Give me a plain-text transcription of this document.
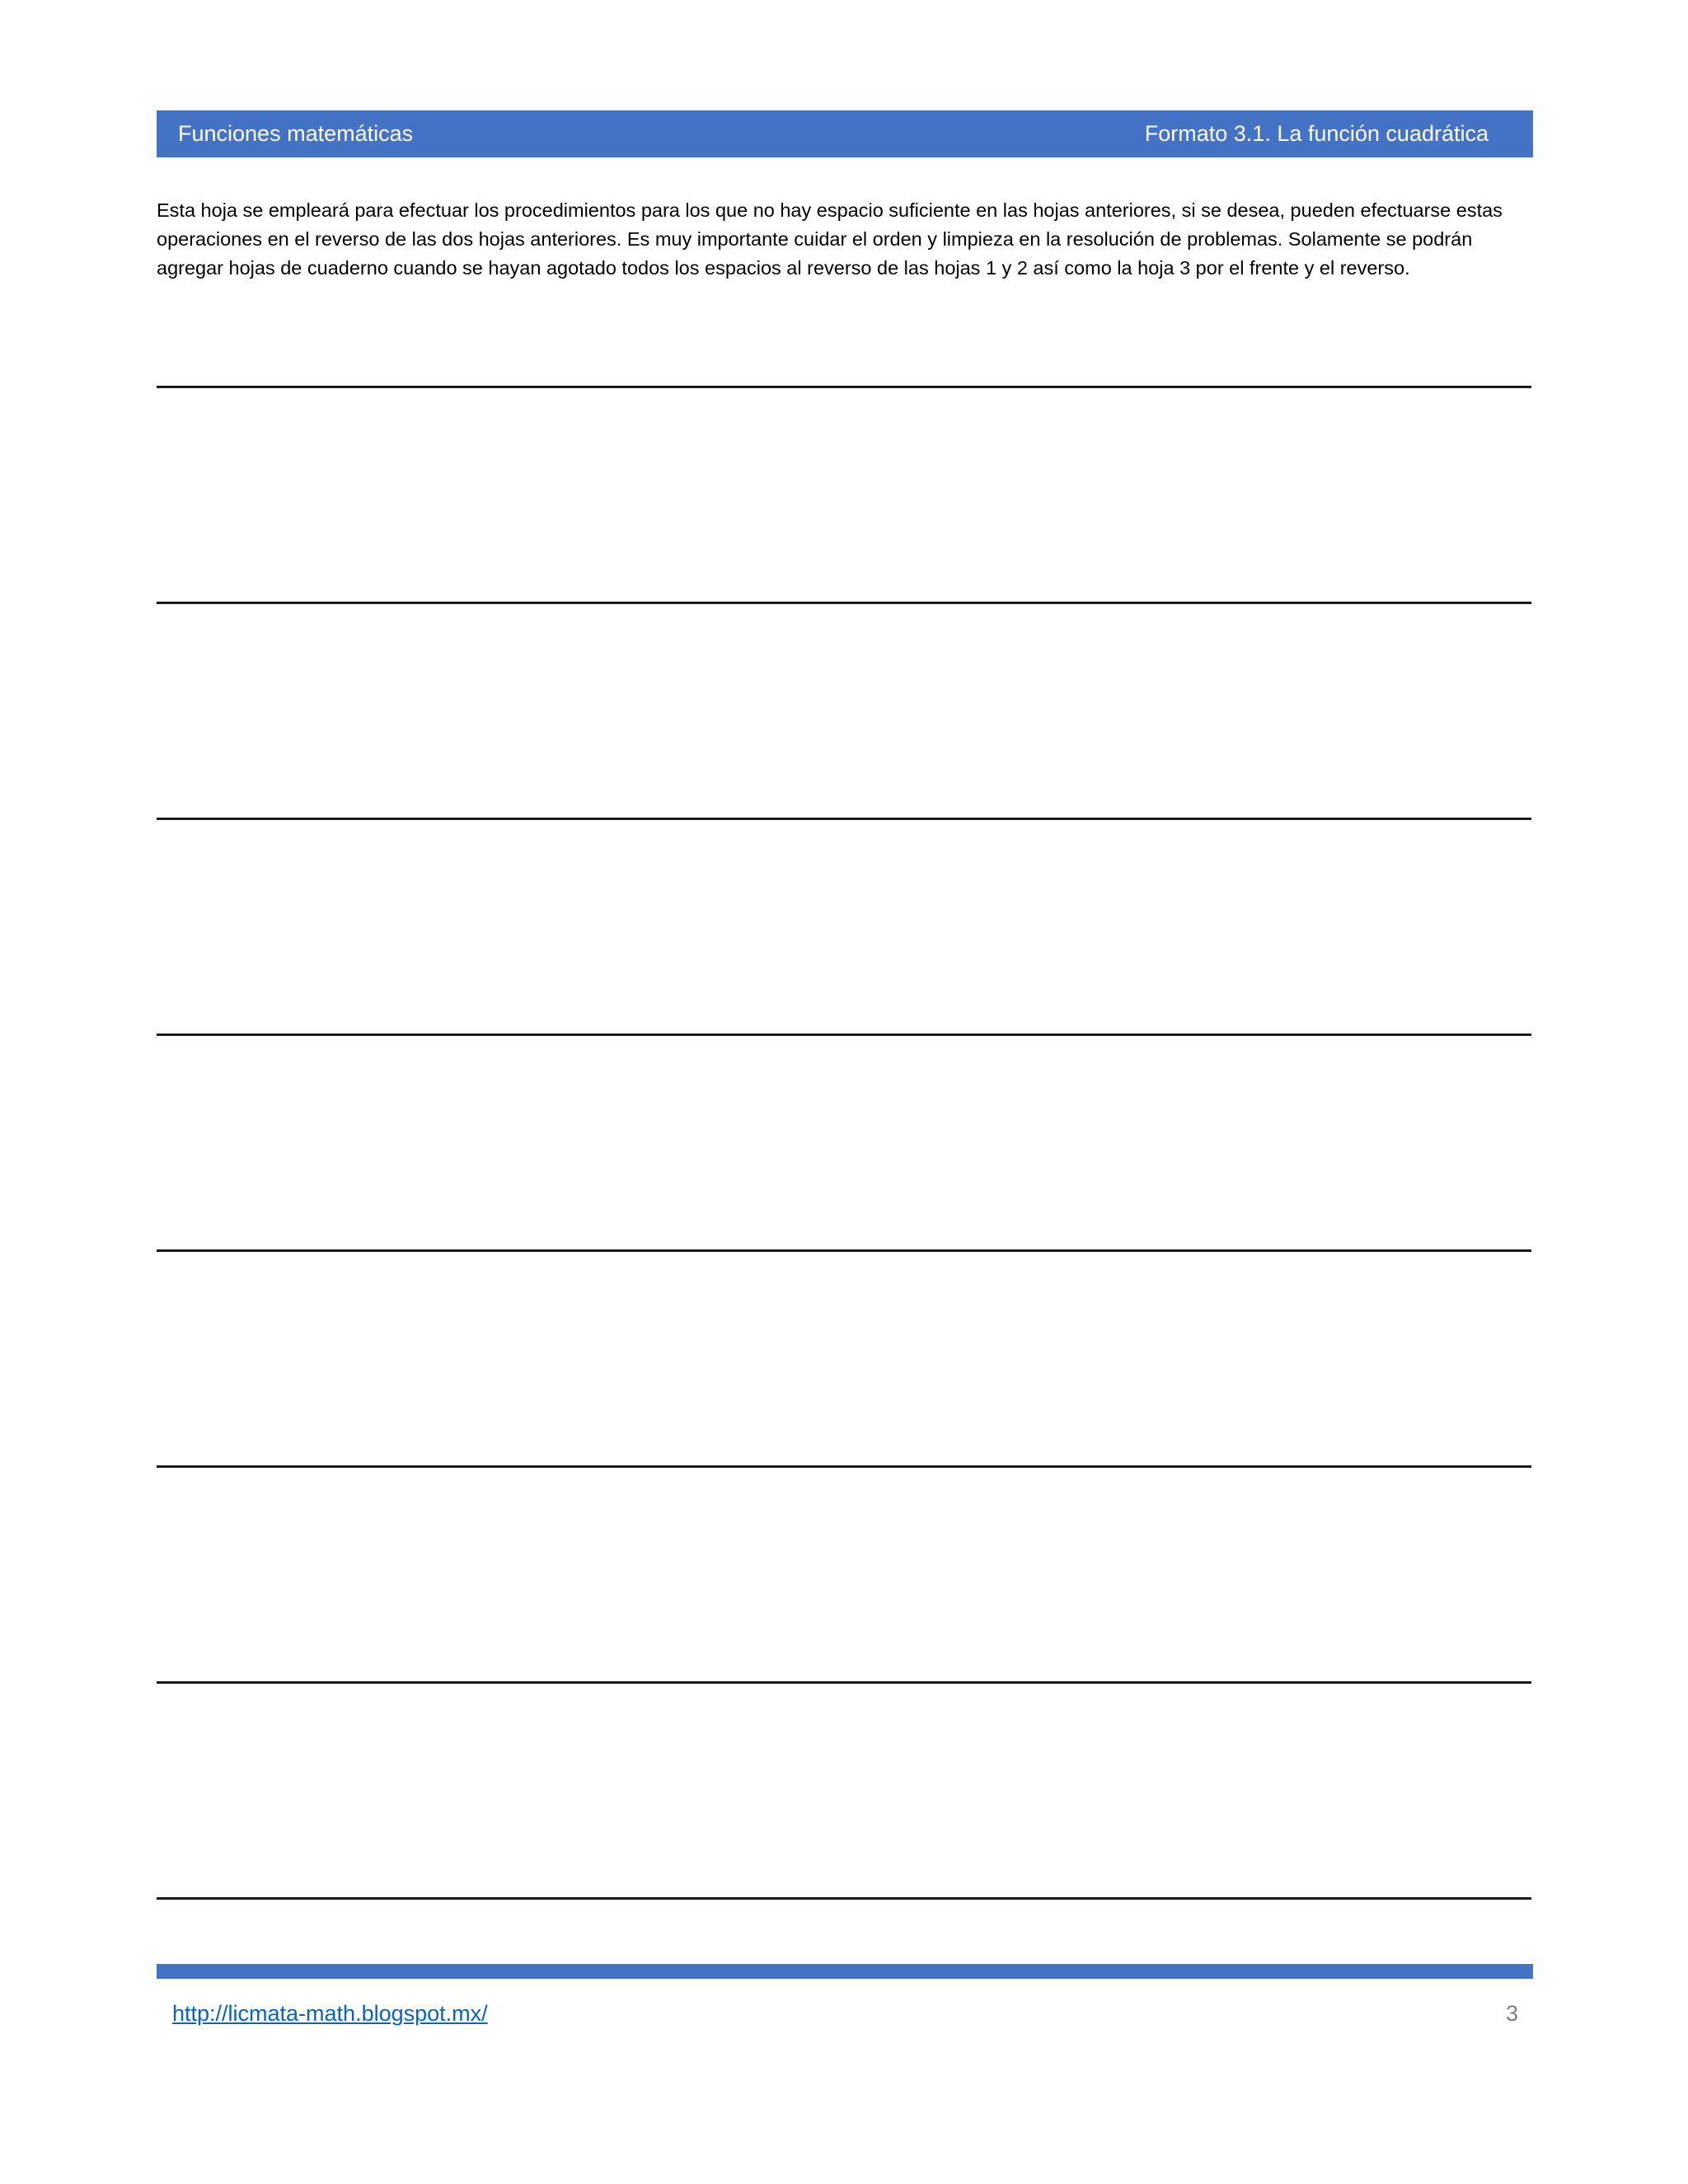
Funciones matemáticas	Formato 3.1. La función cuadrática

Esta hoja se empleará para efectuar los procedimientos para los que no hay espacio suficiente en las hojas anteriores, si se desea, pueden efectuarse estas operaciones en el reverso de las dos hojas anteriores. Es muy importante cuidar el orden y limpieza en la resolución de problemas. Solamente se podrán agregar hojas de cuaderno cuando se hayan agotado todos los espacios al reverso de las hojas 1 y 2 así como la hoja 3 por el frente y el reverso.

http://licmata-math.blogspot.mx/	3
